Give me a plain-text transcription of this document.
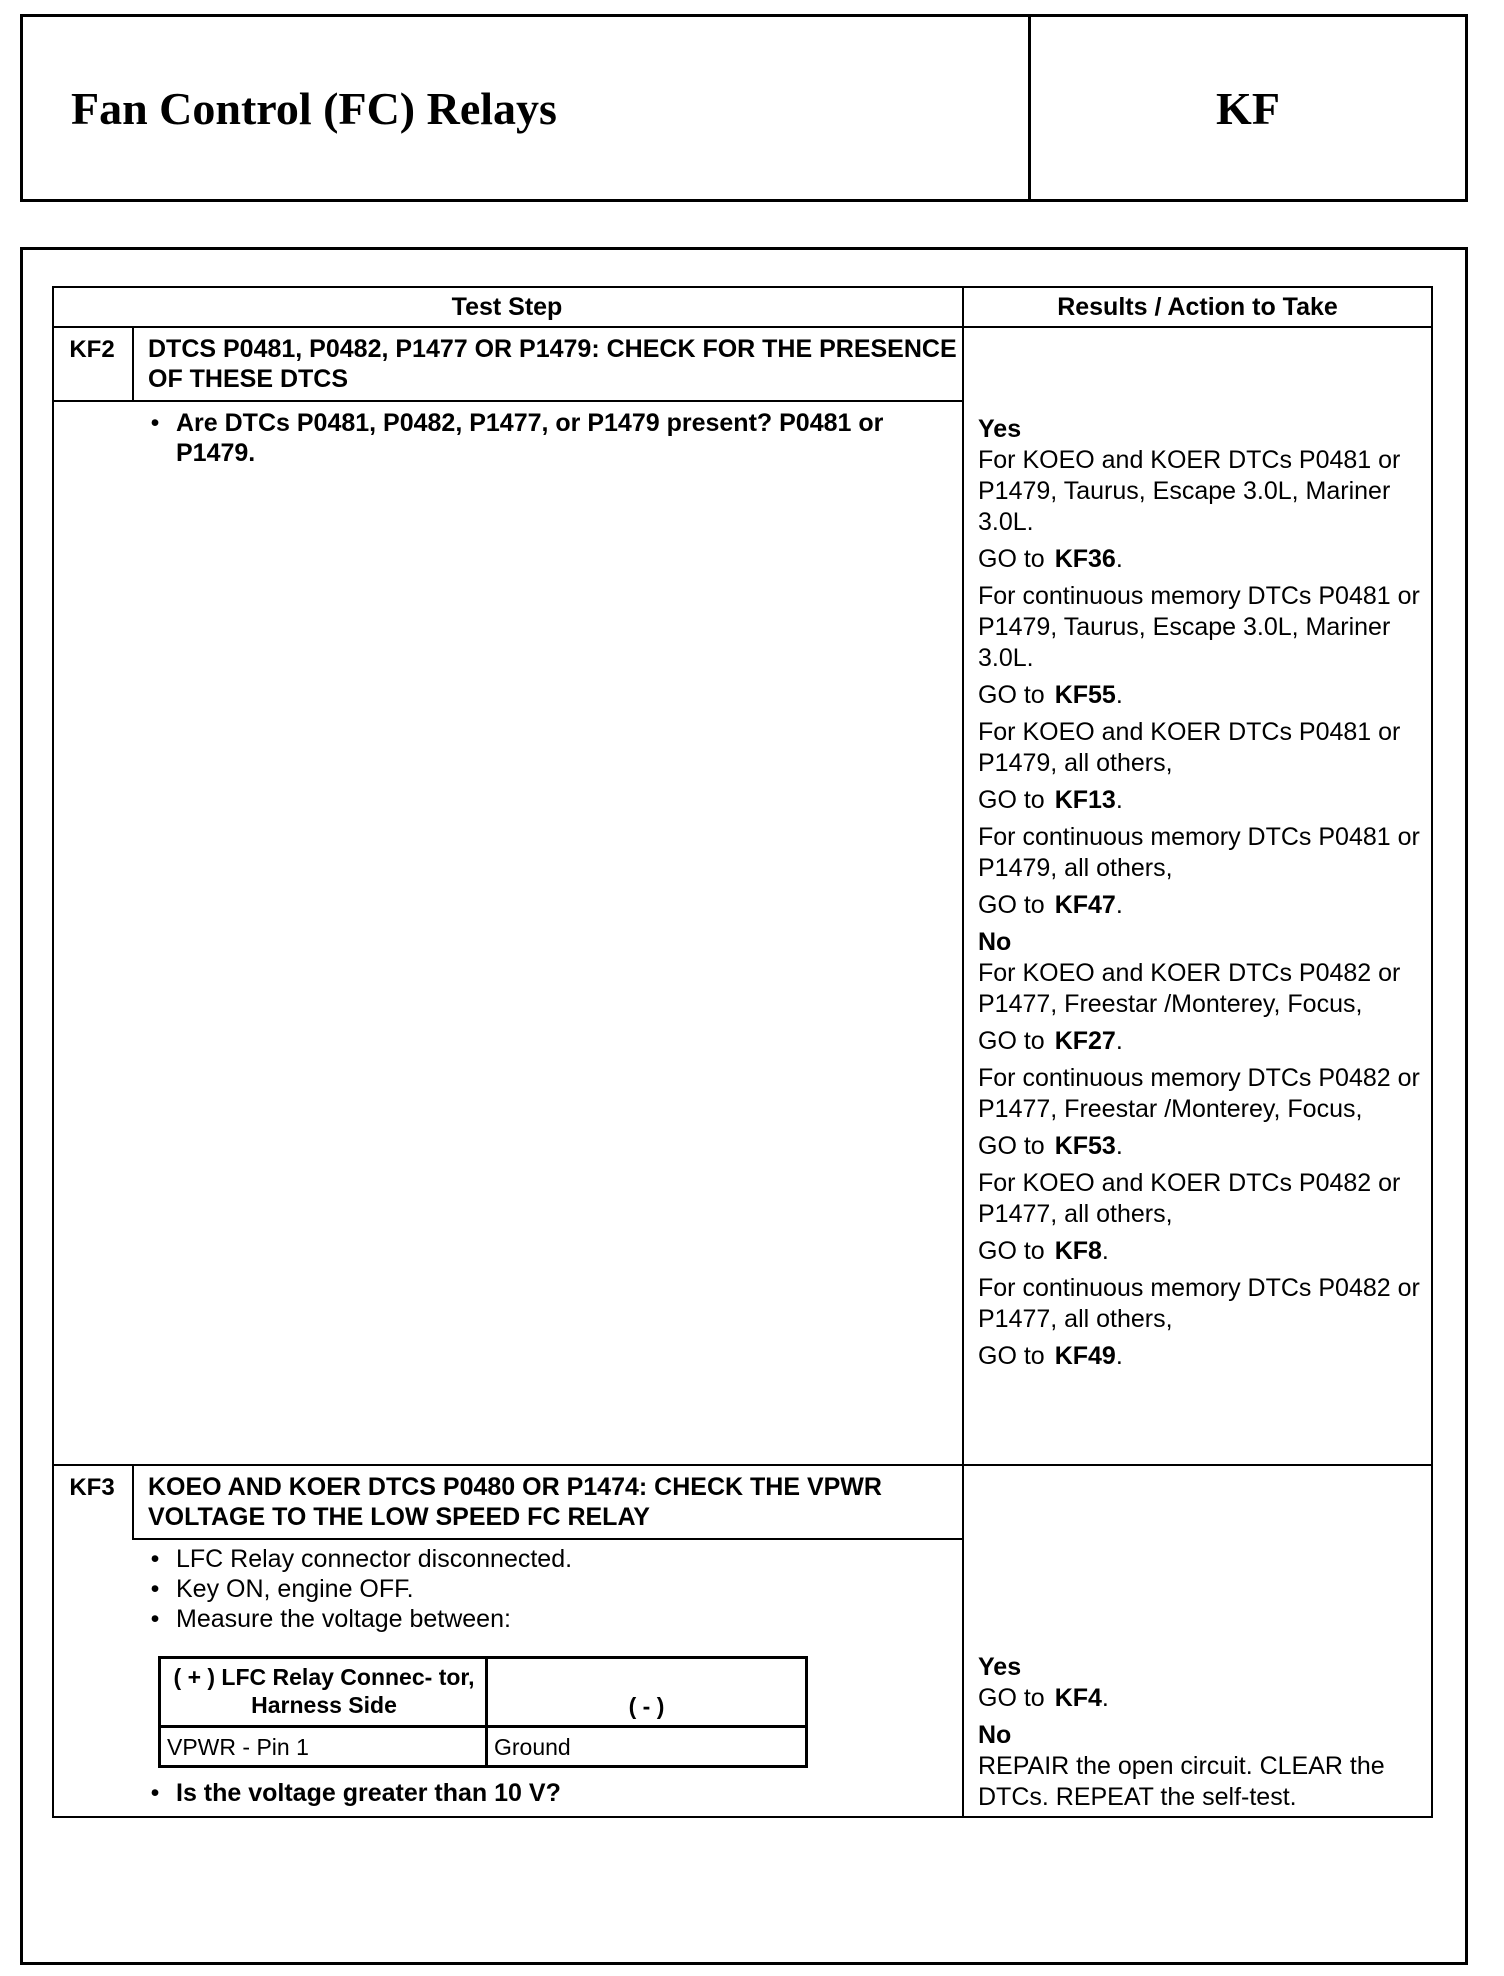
Fan Control (FC) Relays	KF
Test Step	Results / Action to Take
KF2	DTCS P0481, P0482, P1477 OR P1479: CHECK FOR THE PRESENCE OF THESE DTCS
• Are DTCs P0481, P0482, P1477, or P1479 present? P0481 or P1479.
Yes
For KOEO and KOER DTCs P0481 or P1479, Taurus, Escape 3.0L, Mariner 3.0L.
GO to KF36.
For continuous memory DTCs P0481 or P1479, Taurus, Escape 3.0L, Mariner 3.0L.
GO to KF55.
For KOEO and KOER DTCs P0481 or P1479, all others,
GO to KF13.
For continuous memory DTCs P0481 or P1479, all others,
GO to KF47.
No
For KOEO and KOER DTCs P0482 or P1477, Freestar /Monterey, Focus,
GO to KF27.
For continuous memory DTCs P0482 or P1477, Freestar /Monterey, Focus,
GO to KF53.
For KOEO and KOER DTCs P0482 or P1477, all others,
GO to KF8.
For continuous memory DTCs P0482 or P1477, all others,
GO to KF49.
KF3	KOEO AND KOER DTCS P0480 OR P1474: CHECK THE VPWR VOLTAGE TO THE LOW SPEED FC RELAY
• LFC Relay connector disconnected.
• Key ON, engine OFF.
• Measure the voltage between:
( + ) LFC Relay Connec- tor, Harness Side	( - )
VPWR - Pin 1	Ground
• Is the voltage greater than 10 V?
Yes
GO to KF4.
No
REPAIR the open circuit. CLEAR the DTCs. REPEAT the self-test.
